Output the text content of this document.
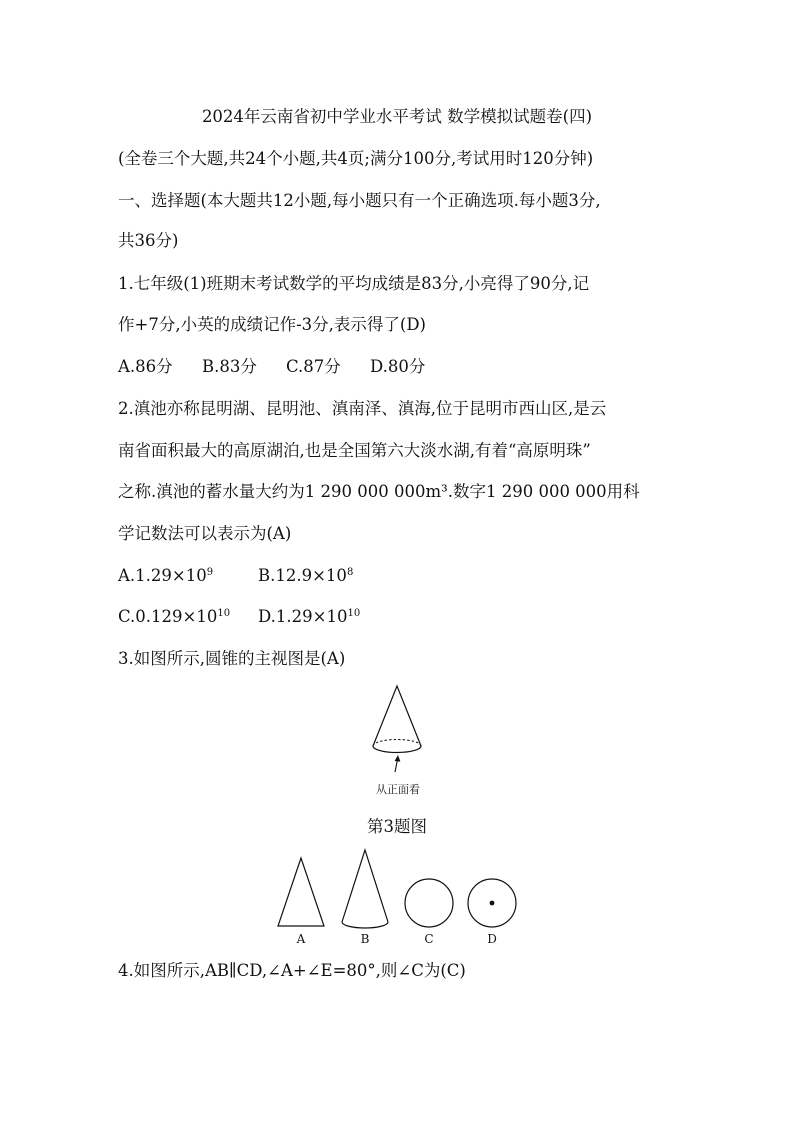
2024年云南省初中学业水平考试 数学模拟试题卷(四)
(全卷三个大题,共24个小题,共4页;满分100分,考试用时120分钟)
一、选择题(本大题共12小题,每小题只有一个正确选项.每小题3分,
共36分)
1.七年级(1)班期末考试数学的平均成绩是83分,小亮得了90分,记
作+7分,小英的成绩记作-3分,表示得了(D)
A.86分 B.83分 C.87分 D.80分
2.滇池亦称昆明湖、昆明池、滇南泽、滇海,位于昆明市西山区,是云
南省面积最大的高原湖泊,也是全国第六大淡水湖,有着“高原明珠”
之称.滇池的蓄水量大约为1 290 000 000m³.数字1 290 000 000用科
学记数法可以表示为(A)
$A.1.29\times 10^9$	$B.12.9\times 10^8$
$C.0.129\times 10^{10}$ $D.1.29\times 10^{10}$
3.如图所示,圆锥的主视图是(A)
从正面看
第3题图
A	B	C	D
4.如图所示,AB∥CD,∠A+∠E=80°,则∠C为(C)
